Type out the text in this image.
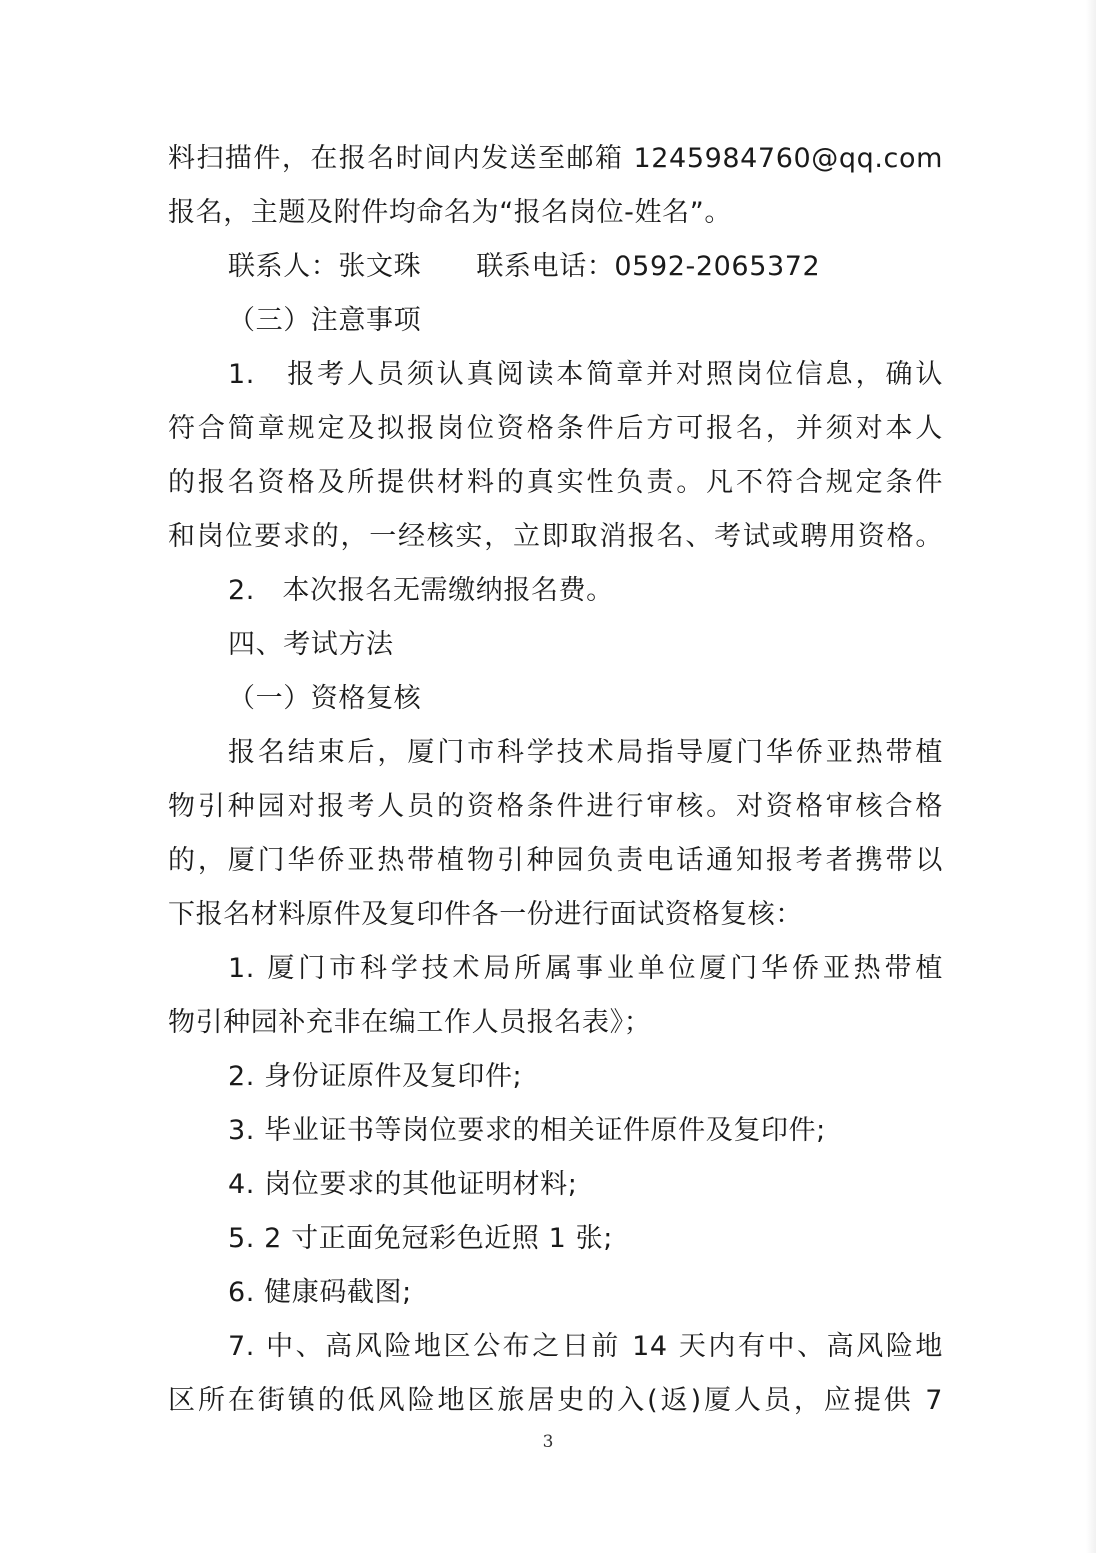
料扫描件，在报名时间内发送至邮箱 1245984760@qq.com
报名，主题及附件均命名为“报名岗位-姓名”。
联系人：张文珠　　联系电话：0592-2065372
（三）注意事项
1.　报考人员须认真阅读本简章并对照岗位信息，确认
符合简章规定及拟报岗位资格条件后方可报名，并须对本人
的报名资格及所提供材料的真实性负责。凡不符合规定条件
和岗位要求的，一经核实，立即取消报名、考试或聘用资格。
2.　本次报名无需缴纳报名费。
四、考试方法
（一）资格复核
报名结束后，厦门市科学技术局指导厦门华侨亚热带植
物引种园对报考人员的资格条件进行审核。对资格审核合格
的，厦门华侨亚热带植物引种园负责电话通知报考者携带以
下报名材料原件及复印件各一份进行面试资格复核：
1. 厦门市科学技术局所属事业单位厦门华侨亚热带植
物引种园补充非在编工作人员报名表》；
2. 身份证原件及复印件;
3. 毕业证书等岗位要求的相关证件原件及复印件;
4. 岗位要求的其他证明材料;
5. 2 寸正面免冠彩色近照 1 张;
6. 健康码截图;
7. 中、高风险地区公布之日前 14 天内有中、高风险地
区所在街镇的低风险地区旅居史的入(返)厦人员，应提供 7
3
